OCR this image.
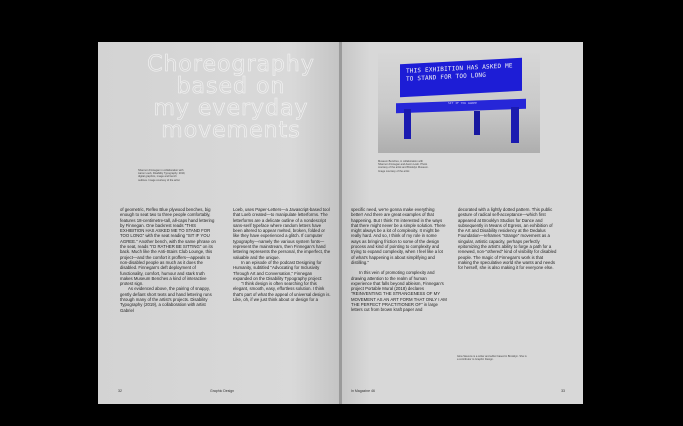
Choreography
based on
my everyday
movements
Shannon Finnegan in collaboration with Aaron Loeb, Disability Typography. 2019, digital graphics, image and bench outlines. Image courtesy of the artist

of geometric, Reflex Blue plywood benches, big enough to seat two to three people comfortably, features 18-centimetre-tall, all-caps hand lettering by Finnegan. One backrest reads "THIS EXHIBITION HAS ASKED ME TO STAND FOR TOO LONG" with the seat reading "SIT IF YOU AGREE." Another bench, with the same phrase on the seat, reads "I'D RATHER BE SITTING" on its back. Much like the Anti-Stairs Club Lounge, this project—and the comfort it proffers—appeals to non-disabled people as much as it does the disabled. Finnegan's deft deployment of functionality, comfort, humour and stark truth makes Museum Benches a kind of interactive protest sign.

As evidenced above, the pairing of snappy, gently defiant short texts and hand lettering runs through many of the artist's projects. Disability Typography (2019), a collaboration with artist Gabriel

Loeb, uses Paper-Letters—a Javascript-based tool that Loeb created—to manipulate letterforms. The letterforms are a delicate outline of a nondescript sans-serif typeface where random letters have been altered to appear melted, broken, folded or like they have experienced a glitch. If computer typography—namely the various system fonts—represent the mainstream, then Finnegan's hand lettering represents the personal, the imperfect, the valuable and the unique.

In an episode of the podcast Designing for Humanity, subtitled "Advocating for Inclusivity Through Art and Conversation," Finnegan expanded on the Disability Typography project:

"I think design is often searching for this elegant, smooth, easy, effortless solution. I think that's part of what the appeal of universal design is. Like, oh, if we just think about or design for a

32	Graphic Design
THIS EXHIBITION HAS ASKED ME TO STAND FOR TOO LONG
SIT IF YOU AGREE
Museum Benches, in collaboration with Shannon Finnegan and Aaron Loeb. Photo courtesy of the artist and Brooklyn Museum. Image courtesy of the artist

specific need, we're gonna make everything better! And there are great examples of that happening. But I think I'm interested in the ways that there might never be a simple solution. There might always be a lot of complexity. It might be really hard. And so, I think of my role in some ways as bringing friction to some of the design process and kind of pointing to complexity and trying to expand complexity, when I feel like a lot of what's happening is about simplifying and distilling."

In this vein of promoting complexity and drawing attention to the realm of human experience that falls beyond ableism, Finnegan's project Portable Mural (2018) declares "REINVENTING THE STRANGENESS OF MY MOVEMENT AS AN ART FORM THAT ONLY I AM THE PERFECT PRACTITIONER OF" in large letters cut from brown kraft paper and

decorated with a lightly dotted pattern. This public gesture of radical self-acceptance—which first appeared at Brooklyn Studios for Dance and subsequently in Means of Egress, an exhibition of the Art and Disability residency at the Dedalus Foundation—reframes "strange" movement as a singular, artistic capacity, perhaps perfectly epitomizing the artist's ability to forge a path for a renewed, non-"othered" kind of visibility for disabled people. The magic of Finnegan's work is that making the speculative world she wants and needs for herself, she is also making it for everyone else.

Gina Stevens is a writer and editor based in Brooklyn. She is a contributor to Graphic Design.
In Magazine 46	33
